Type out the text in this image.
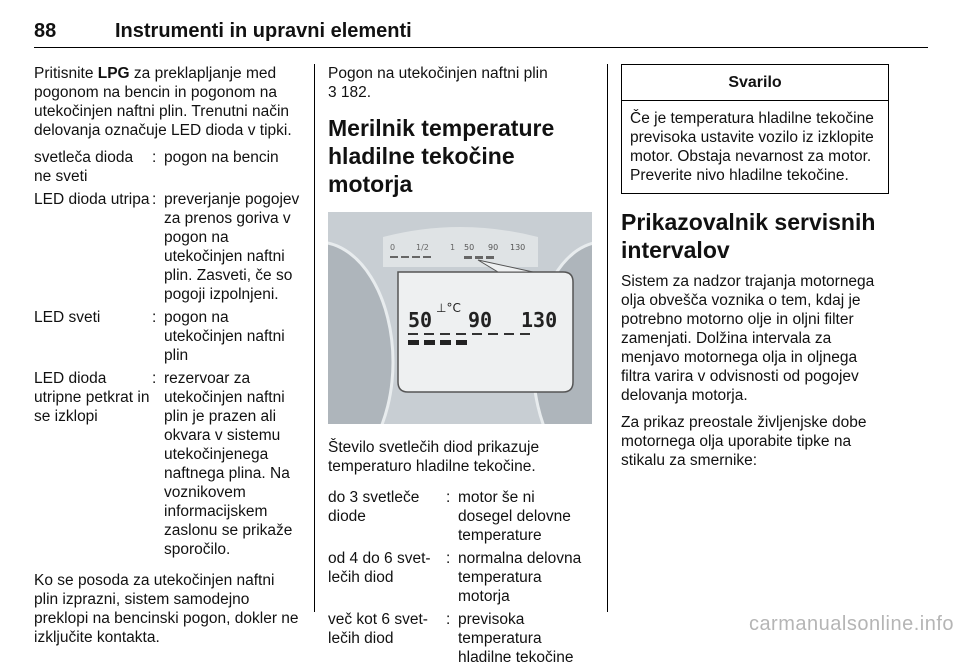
88	Instrumenti in upravni elementi

Pritisnite LPG za preklapljanje med pogonom na bencin in pogonom na utekočinjen naftni plin. Trenutni način delovanja označuje LED dioda v tipki.

svetleča dioda ne sveti
: pogon na bencin
LED dioda utripa : preverjanje pogojev za prenos goriva v pogon na utekočinjen naftni plin. Zasveti, če so pogoji izpolnjeni.
LED sveti	: pogon na utekočinjen naftni plin
LED dioda utripne petkrat in se izklopi
: rezervoar za utekočinjen naftni plin je prazen ali okvara v sistemu utekočinjenega naftnega plina. Na voznikovem informacijskem zaslonu se prikaže sporočilo.

Ko se posoda za utekočinjen naftni plin izprazni, sistem samodejno preklopi na bencinski pogon, dokler ne izključite kontakta.

Pogon na utekočinjen naftni plin
3 182.

Merilnik temperature hladilne tekočine motorja
0	1/2	1 50 90 130
50 90 130
⊥°C

Število svetlečih diod prikazuje temperaturo hladilne tekočine.

do 3 svetleče diode
: motor še ni dosegel delovne temperature
od 4 do 6 svet-lečih diod
: normalna delovna temperatura motorja
več kot 6 svet-lečih diod
: previsoka temperatura hladilne tekočine
Svarilo
Če je temperatura hladilne tekočine previsoka ustavite vozilo iz izklopite motor. Obstaja nevarnost za motor. Preverite nivo hladilne tekočine.
Prikazovalnik servisnih intervalov

Sistem za nadzor trajanja motornega olja obvešča voznika o tem, kdaj je potrebno motorno olje in oljni filter zamenjati. Dolžina intervala za menjavo motornega olja in oljnega filtra varira v odvisnosti od pogojev delovanja motorja.

Za prikaz preostale življenjske dobe motornega olja uporabite tipke na stikalu za smernike:

carmanualsonline.info
